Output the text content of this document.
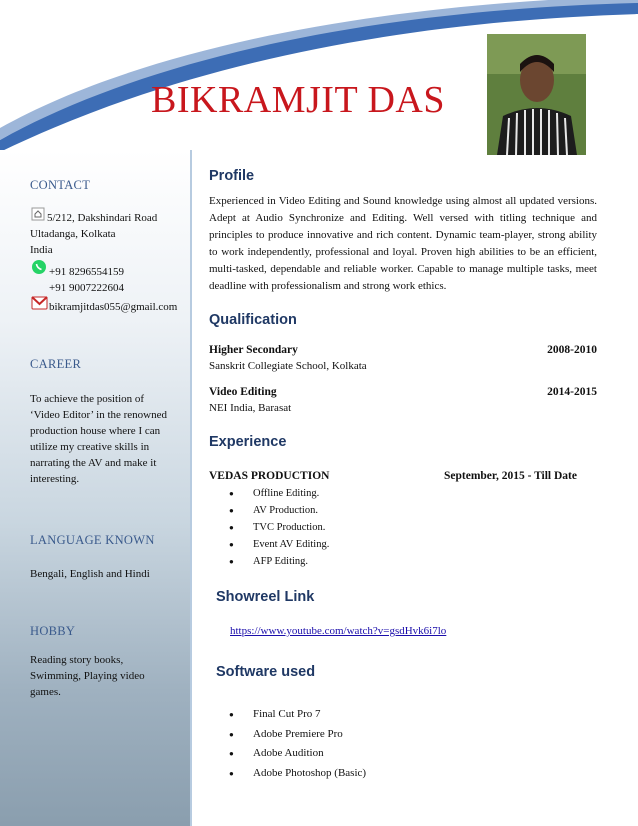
BIKRAMJIT DAS
CONTACT
5/212, Dakshindari Road
Ultadanga, Kolkata
India
+91 8296554159
+91 9007222604
bikramjitdas055@gmail.com
CAREER
To achieve the position of
‘Video Editor’ in the renowned
production house where I can
utilize my creative skills in
narrating the AV and make it
interesting.
LANGUAGE KNOWN
Bengali, English and Hindi
HOBBY
Reading story books,
Swimming, Playing video
games.
Profile
Experienced in Video Editing and Sound knowledge using almost all updated versions. Adept at Audio Synchronize and Editing. Well versed with titling technique and principles to produce innovative and rich content. Dynamic team-player, strong ability to work independently, professional and loyal. Proven high abilities to be an efficient, multi-tasked, dependable and reliable worker. Capable to manage multiple tasks, meet deadline with professionalism and strong work ethics.
Qualification
Higher Secondary	2008-2010
Sanskrit Collegiate School, Kolkata
Video Editing	2014-2015
NEI India, Barasat
Experience
VEDAS PRODUCTION	September, 2015 - Till Date
● Offline Editing.
● AV Production.
● TVC Production.
● Event AV Editing.
● AFP Editing.
Showreel Link
https://www.youtube.com/watch?v=gsdHvk6i7lo
Software used
● Final Cut Pro 7
● Adobe Premiere Pro
● Adobe Audition
● Adobe Photoshop (Basic)
